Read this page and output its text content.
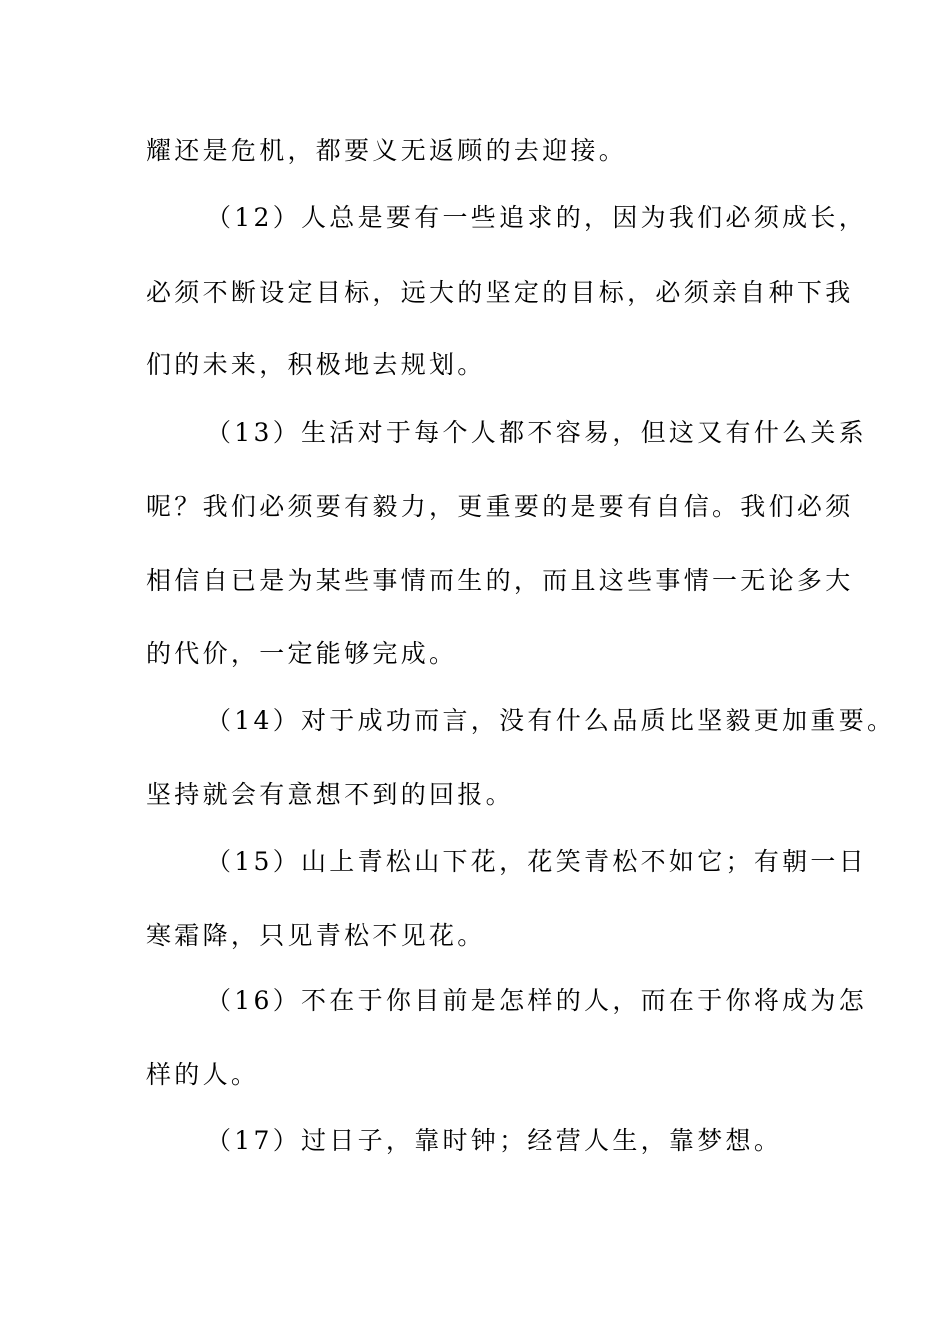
耀还是危机，都要义无返顾的去迎接。
（12）人总是要有一些追求的，因为我们必须成长，
必须不断设定目标，远大的坚定的目标，必须亲自种下我
们的未来，积极地去规划。
（13）生活对于每个人都不容易，但这又有什么关系
呢？我们必须要有毅力，更重要的是要有自信。我们必须
相信自已是为某些事情而生的，而且这些事情一无论多大
的代价，一定能够完成。
（14）对于成功而言，没有什么品质比坚毅更加重要。
坚持就会有意想不到的回报。
（15）山上青松山下花，花笑青松不如它；有朝一日
寒霜降，只见青松不见花。
（16）不在于你目前是怎样的人，而在于你将成为怎
样的人。
（17）过日子，靠时钟；经营人生，靠梦想。
